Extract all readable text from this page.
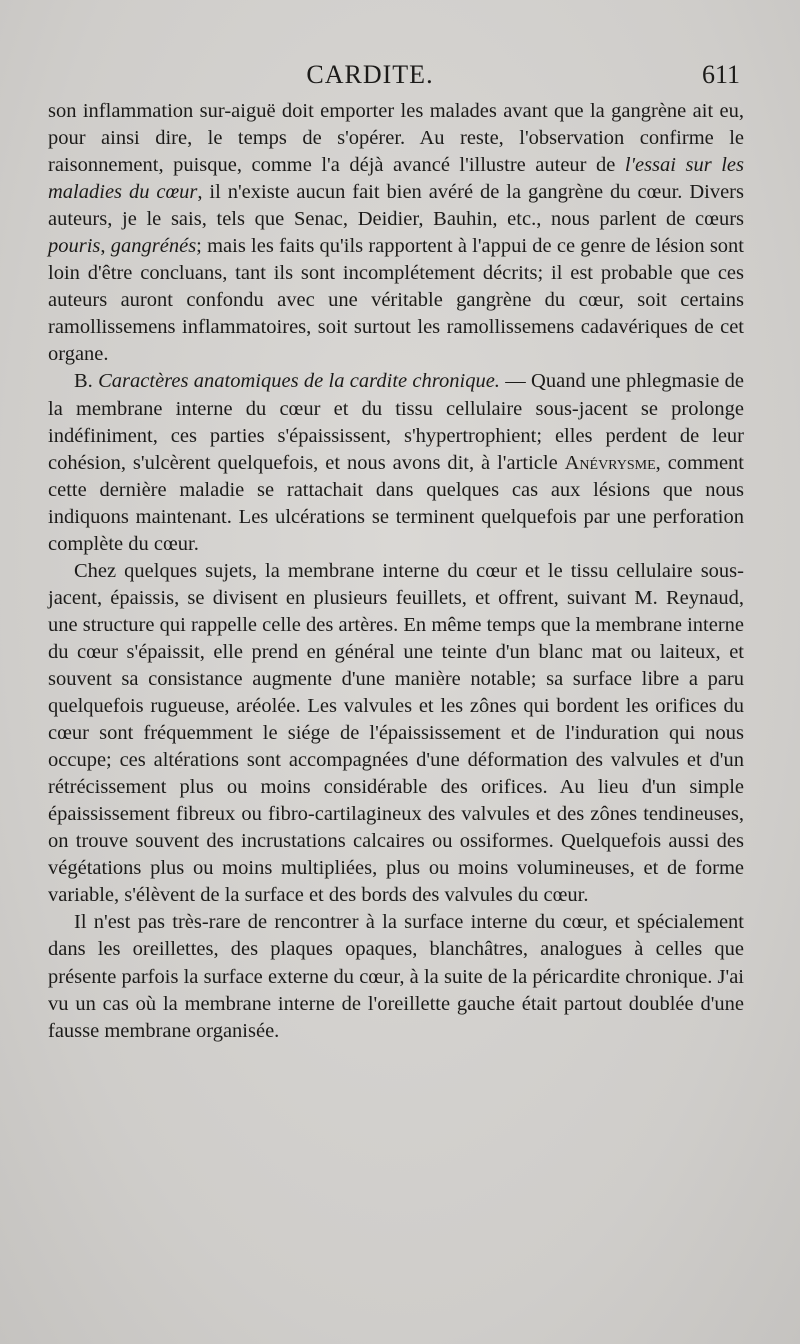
CARDITE.	611

son inflammation sur-aiguë doit emporter les malades avant que la gangrène ait eu, pour ainsi dire, le temps de s'opérer. Au reste, l'observation confirme le raisonnement, puisque, comme l'a déjà avancé l'illustre auteur de l'essai sur les maladies du cœur, il n'existe aucun fait bien avéré de la gangrène du cœur. Divers auteurs, je le sais, tels que Senac, Deidier, Bauhin, etc., nous parlent de cœurs pouris, gangrénés; mais les faits qu'ils rapportent à l'appui de ce genre de lésion sont loin d'être concluans, tant ils sont incomplétement décrits; il est probable que ces auteurs auront confondu avec une véritable gangrène du cœur, soit certains ramollissemens inflammatoires, soit surtout les ramollissemens cadavériques de cet organe.

B. Caractères anatomiques de la cardite chronique. — Quand une phlegmasie de la membrane interne du cœur et du tissu cellulaire sous-jacent se prolonge indéfiniment, ces parties s'épaississent, s'hypertrophient; elles perdent de leur cohésion, s'ulcèrent quelquefois, et nous avons dit, à l'article Anévrysme, comment cette dernière maladie se rattachait dans quelques cas aux lésions que nous indiquons maintenant. Les ulcérations se terminent quelquefois par une perforation complète du cœur.

Chez quelques sujets, la membrane interne du cœur et le tissu cellulaire sous-jacent, épaissis, se divisent en plusieurs feuillets, et offrent, suivant M. Reynaud, une structure qui rappelle celle des artères. En même temps que la membrane interne du cœur s'épaissit, elle prend en général une teinte d'un blanc mat ou laiteux, et souvent sa consistance augmente d'une manière notable; sa surface libre a paru quelquefois rugueuse, aréolée. Les valvules et les zônes qui bordent les orifices du cœur sont fréquemment le siége de l'épaississement et de l'induration qui nous occupe; ces altérations sont accompagnées d'une déformation des valvules et d'un rétrécissement plus ou moins considérable des orifices. Au lieu d'un simple épaississement fibreux ou fibro-cartilagineux des valvules et des zônes tendineuses, on trouve souvent des incrustations calcaires ou ossiformes. Quelquefois aussi des végétations plus ou moins multipliées, plus ou moins volumineuses, et de forme variable, s'élèvent de la surface et des bords des valvules du cœur.

Il n'est pas très-rare de rencontrer à la surface interne du cœur, et spécialement dans les oreillettes, des plaques opaques, blanchâtres, analogues à celles que présente parfois la surface externe du cœur, à la suite de la péricardite chronique. J'ai vu un cas où la membrane interne de l'oreillette gauche était partout doublée d'une fausse membrane organisée.
